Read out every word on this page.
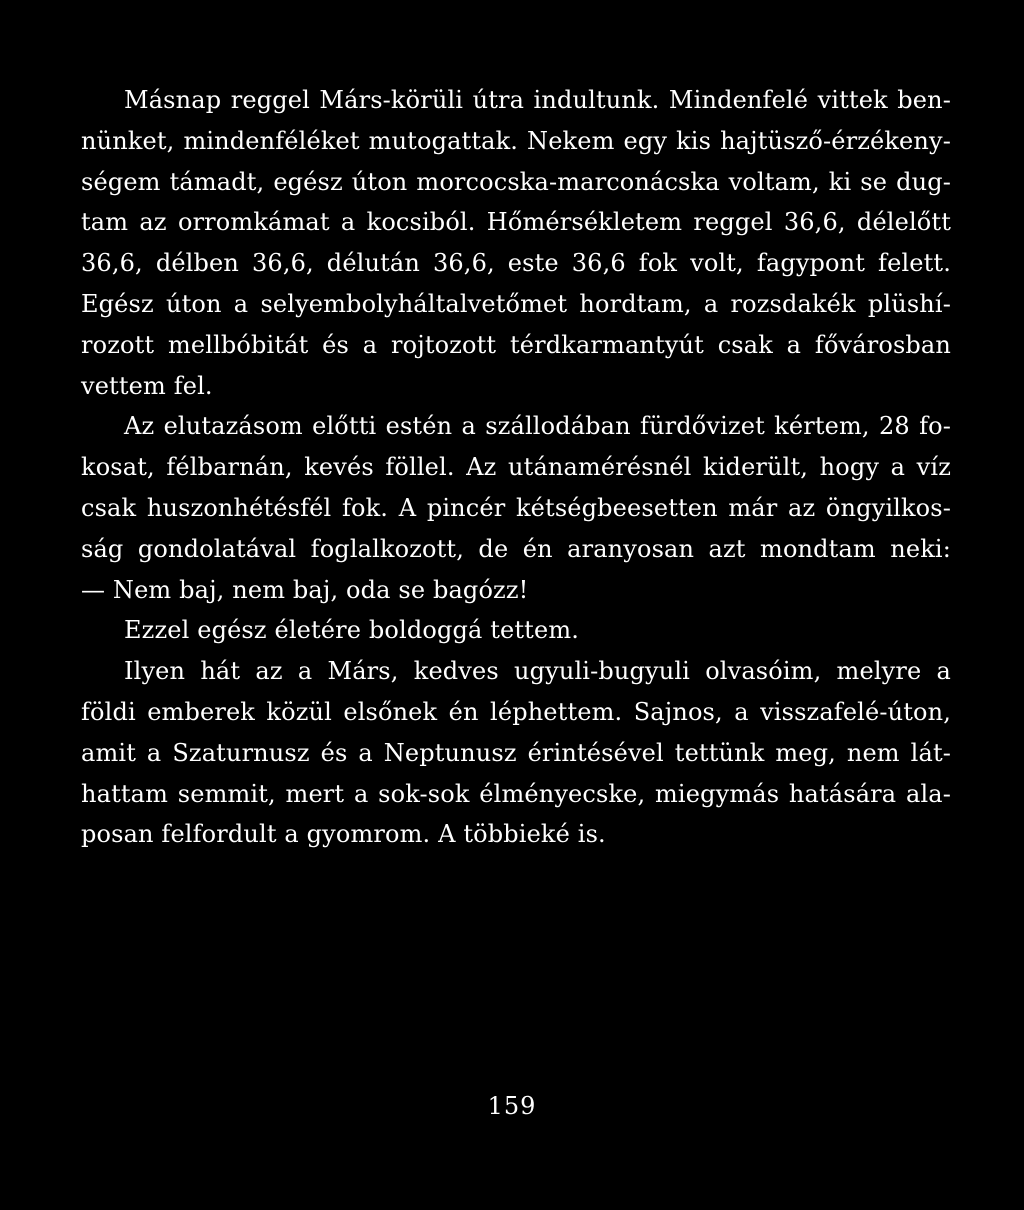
Másnap reggel Márs-körüli útra indultunk. Mindenfelé vittek ben-
nünket, mindenféléket mutogattak. Nekem egy kis hajtüsző-érzékeny-
ségem támadt, egész úton morcocska-marconácska voltam, ki se dug-
tam az orromkámat a kocsiból. Hőmérsékletem reggel 36,6, délelőtt
36,6, délben 36,6, délután 36,6, este 36,6 fok volt, fagypont felett.
Egész úton a selyembolyháltalvetőmet hordtam, a rozsdakék plüshí-
rozott mellbóbitát és a rojtozott térdkarmantyút csak a fővárosban
vettem fel.
Az elutazásom előtti estén a szállodában fürdővizet kértem, 28 fo-
kosat, félbarnán, kevés föllel. Az utánamérésnél kiderült, hogy a víz
csak huszonhétésfél fok. A pincér kétségbeesetten már az öngyilkos-
ság gondolatával foglalkozott, de én aranyosan azt mondtam neki:
— Nem baj, nem baj, oda se bagózz!
Ezzel egész életére boldoggá tettem.
Ilyen hát az a Márs, kedves ugyuli-bugyuli olvasóim, melyre a
földi emberek közül elsőnek én léphettem. Sajnos, a visszafelé-úton,
amit a Szaturnusz és a Neptunusz érintésével tettünk meg, nem lát-
hattam semmit, mert a sok-sok élményecske, miegymás hatására ala-
posan felfordult a gyomrom. A többieké is.
159
